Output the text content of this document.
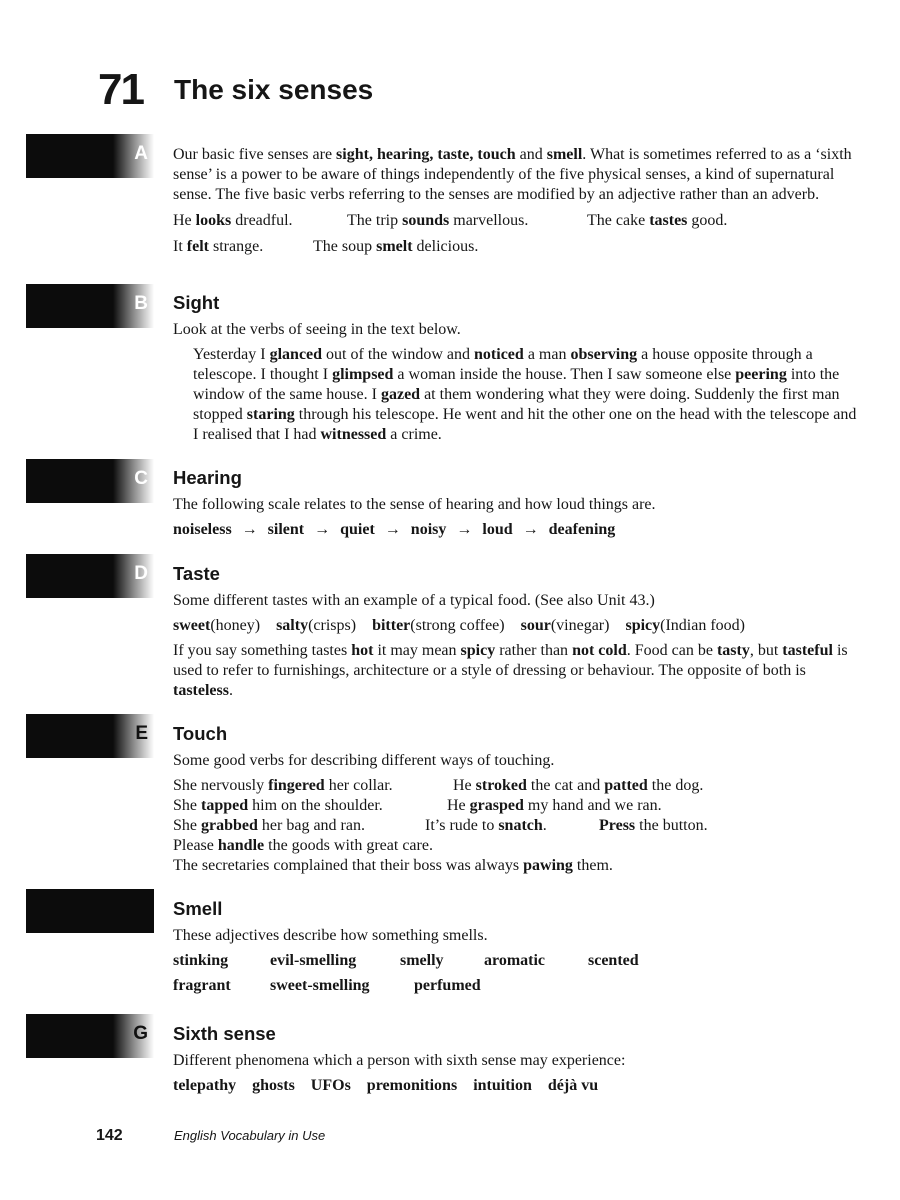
71 The six senses
A
B
C
D
E
G

Our basic five senses are sight, hearing, taste, touch and smell. What is sometimes referred to as a ‘sixth sense’ is a power to be aware of things independently of the five physical senses, a kind of supernatural sense. The five basic verbs referring to the senses are modified by an adjective rather than an adverb.

He looks dreadful.	The trip sounds marvellous.	The cake tastes good.
It felt strange.	The soup smelt delicious.
Sight

Look at the verbs of seeing in the text below.

Yesterday I glanced out of the window and noticed a man observing a house opposite through a telescope. I thought I glimpsed a woman inside the house. Then I saw someone else peering into the window of the same house. I gazed at them wondering what they were doing. Suddenly the first man stopped staring through his telescope. He went and hit the other one on the head with the telescope and I realised that I had witnessed a crime.

Hearing

The following scale relates to the sense of hearing and how loud things are.

noiseless → silent → quiet → noisy → loud → deafening
Taste

Some different tastes with an example of a typical food. (See also Unit 43.)

sweet(honey) salty(crisps) bitter(strong coffee) sour(vinegar) spicy(Indian food)

If you say something tastes hot it may mean spicy rather than not cold. Food can be tasty, but tasteful is used to refer to furnishings, architecture or a style of dressing or behaviour. The opposite of both is tasteless.

Touch

Some good verbs for describing different ways of touching.

She nervously fingered her collar.	He stroked the cat and patted the dog.
She tapped him on the shoulder.	He grasped my hand and we ran.
She grabbed her bag and ran.	It’s rude to snatch.	Press the button.
Please handle the goods with great care.
The secretaries complained that their boss was always pawing them.
Smell

These adjectives describe how something smells.

stinking	evil-smelling	smelly	aromatic	scented
fragrant sweet-smelling	perfumed
Sixth sense

Different phenomena which a person with sixth sense may experience:

telepathy ghosts UFOs premonitions intuition déjà vu
142	English Vocabulary in Use
